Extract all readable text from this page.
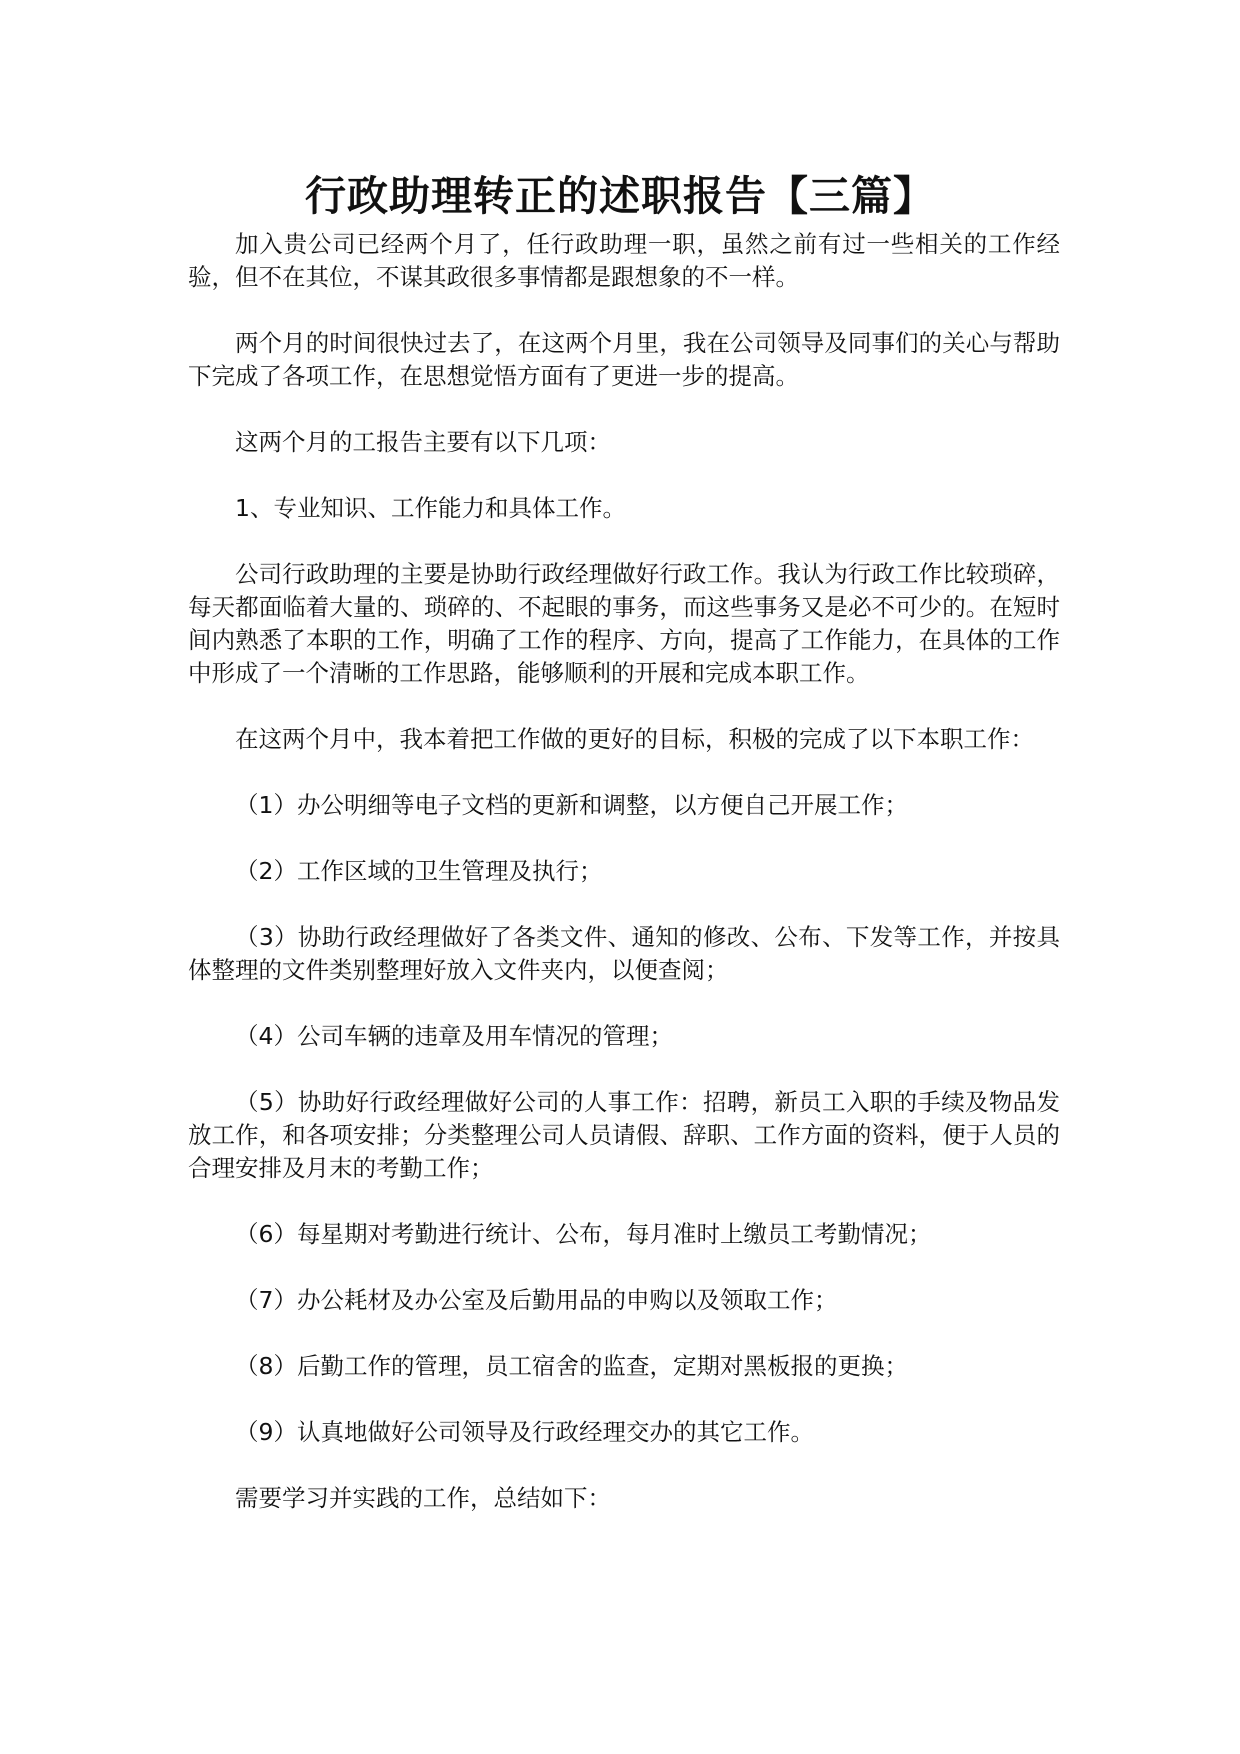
行政助理转正的述职报告【三篇】

加入贵公司已经两个月了，任行政助理一职，虽然之前有过一些相关的工作经验，但不在其位，不谋其政很多事情都是跟想象的不一样。

两个月的时间很快过去了，在这两个月里，我在公司领导及同事们的关心与帮助下完成了各项工作，在思想觉悟方面有了更进一步的提高。

这两个月的工报告主要有以下几项：

1、专业知识、工作能力和具体工作。

公司行政助理的主要是协助行政经理做好行政工作。我认为行政工作比较琐碎，每天都面临着大量的、琐碎的、不起眼的事务，而这些事务又是必不可少的。在短时间内熟悉了本职的工作，明确了工作的程序、方向，提高了工作能力，在具体的工作中形成了一个清晰的工作思路，能够顺利的开展和完成本职工作。

在这两个月中，我本着把工作做的更好的目标，积极的完成了以下本职工作：

（1）办公明细等电子文档的更新和调整，以方便自己开展工作；

（2）工作区域的卫生管理及执行；

（3）协助行政经理做好了各类文件、通知的修改、公布、下发等工作，并按具体整理的文件类别整理好放入文件夹内，以便查阅；

（4）公司车辆的违章及用车情况的管理；

（5）协助好行政经理做好公司的人事工作：招聘，新员工入职的手续及物品发放工作，和各项安排；分类整理公司人员请假、辞职、工作方面的资料，便于人员的合理安排及月末的考勤工作；

（6）每星期对考勤进行统计、公布，每月准时上缴员工考勤情况；

（7）办公耗材及办公室及后勤用品的申购以及领取工作；

（8）后勤工作的管理，员工宿舍的监查，定期对黑板报的更换；

（9）认真地做好公司领导及行政经理交办的其它工作。

需要学习并实践的工作，总结如下：
